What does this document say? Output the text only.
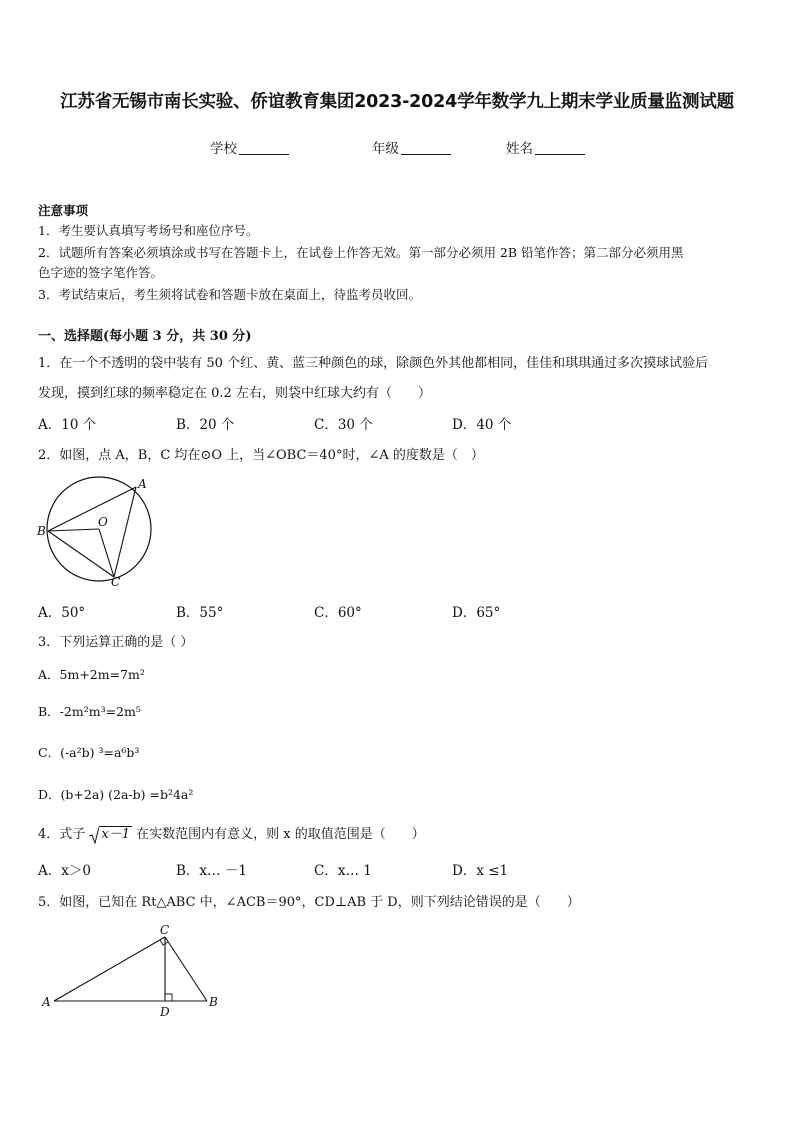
江苏省无锡市南长实验、侨谊教育集团2023-2024学年数学九上期末学业质量监测试题
学校	年级	姓名
注意事项
1．考生要认真填写考场号和座位序号。
2．试题所有答案必须填涂或书写在答题卡上，在试卷上作答无效。第一部分必须用 2B 铅笔作答；第二部分必须用黑
色字迹的签字笔作答。
3．考试结束后，考生须将试卷和答题卡放在桌面上，待监考员收回。
一、选择题(每小题 3 分，共 30 分)
1．在一个不透明的袋中装有 50 个红、黄、蓝三种颜色的球，除颜色外其他都相同，佳佳和琪琪通过多次摸球试验后
发现，摸到红球的频率稳定在 0.2 左右，则袋中红球大约有（　　）
A．10 个	B．20 个	C．30 个	D．40 个
2．如图，点 A，B，C 均在⊙O 上，当∠OBC＝40°时，∠A 的度数是（　）
A
B
C
O
A．50°	B．55°	C．60°	D．65°
3．下列运算正确的是（ ）
A．5m+2m=7m²
B．-2m²m³=2m⁵
C．(-a²b) ³=a⁶b³
D．(b+2a) (2a-b) =b²4a²
4．式子
x－1 在实数范围内有意义，则 x 的取值范围是（　　）
A．x＞0	B．x… －1	C．x… 1	D．x ≤1
5．如图，已知在 Rt△ABC 中，∠ACB＝90°，CD⊥AB 于 D，则下列结论错误的是（　　）
A	B
C
D
